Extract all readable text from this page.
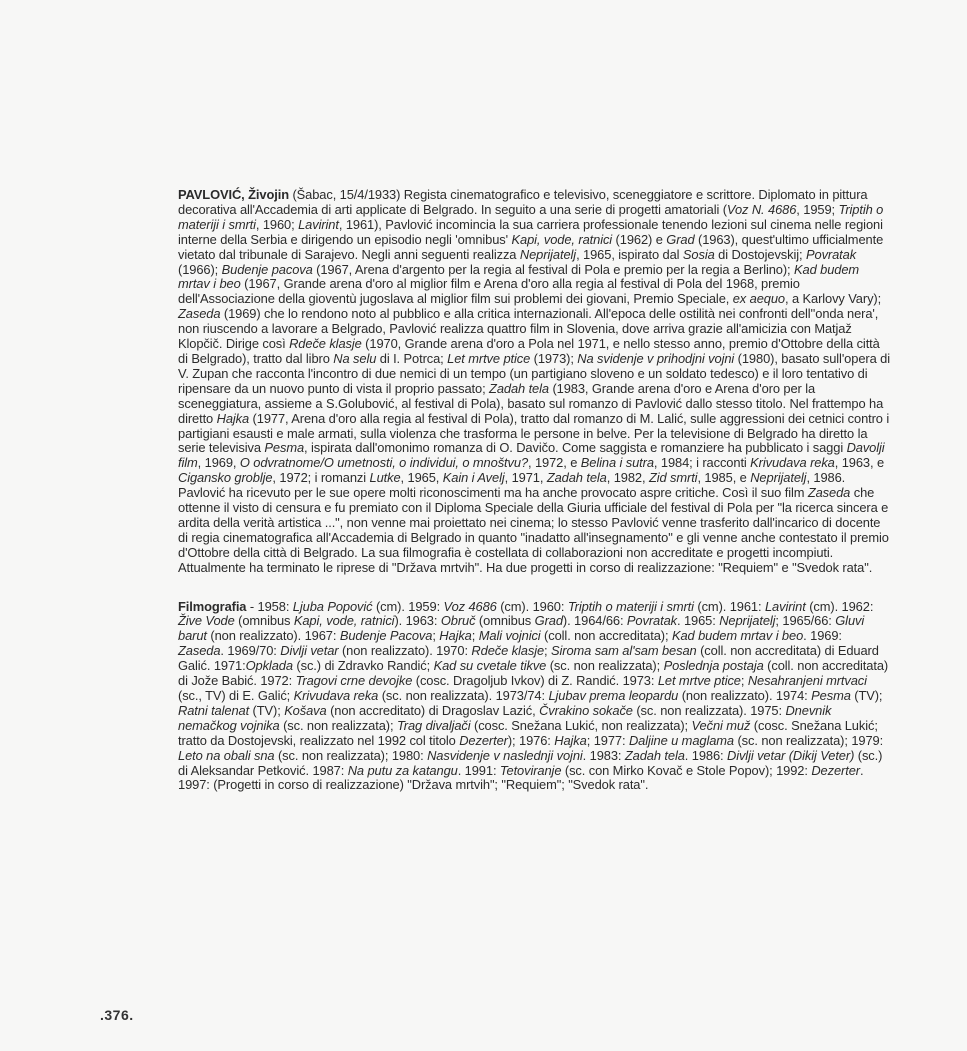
PAVLOVIĆ, Živojin (Šabac, 15/4/1933) Regista cinematografico e televisivo, sceneggiatore e scrittore. Diplomato in pittura decorativa all'Accademia di arti applicate di Belgrado. In seguito a una serie di progetti amatoriali (Voz N. 4686, 1959; Triptih o materiji i smrti, 1960; Lavirint, 1961), Pavlović incomincia la sua carriera professionale tenendo lezioni sul cinema nelle regioni interne della Serbia e dirigendo un episodio negli 'omnibus' Kapi, vode, ratnici (1962) e Grad (1963), quest'ultimo ufficialmente vietato dal tribunale di Sarajevo. Negli anni seguenti realizza Neprijatelj, 1965, ispirato dal Sosia di Dostojevskij; Povratak (1966); Budenje pacova (1967, Arena d'argento per la regia al festival di Pola e premio per la regia a Berlino); Kad budem mrtav i beo (1967, Grande arena d'oro al miglior film e Arena d'oro alla regia al festival di Pola del 1968, premio dell'Associazione della gioventù jugoslava al miglior film sui problemi dei giovani, Premio Speciale, ex aequo, a Karlovy Vary); Zaseda (1969) che lo rendono noto al pubblico e alla critica internazionali. All'epoca delle ostilità nei confronti dell''onda nera', non riuscendo a lavorare a Belgrado, Pavlović realizza quattro film in Slovenia, dove arriva grazie all'amicizia con Matjaž Klopčič. Dirige così Rdeče klasje (1970, Grande arena d'oro a Pola nel 1971, e nello stesso anno, premio d'Ottobre della città di Belgrado), tratto dal libro Na selu di I. Potrca; Let mrtve ptice (1973); Na svidenje v prihodjni vojni (1980), basato sull'opera di V. Zupan che racconta l'incontro di due nemici di un tempo (un partigiano sloveno e un soldato tedesco) e il loro tentativo di ripensare da un nuovo punto di vista il proprio passato; Zadah tela (1983, Grande arena d'oro e Arena d'oro per la sceneggiatura, assieme a S.Golubović, al festival di Pola), basato sul romanzo di Pavlović dallo stesso titolo. Nel frattempo ha diretto Hajka (1977, Arena d'oro alla regia al festival di Pola), tratto dal romanzo di M. Lalić, sulle aggressioni dei cetnici contro i partigiani esausti e male armati, sulla violenza che trasforma le persone in belve. Per la televisione di Belgrado ha diretto la serie televisiva Pesma, ispirata dall'omonimo romanza di O. Davičo. Come saggista e romanziere ha pubblicato i saggi Davolji film, 1969, O odvratnome/O umetnosti, o individui, o mnoštvu?, 1972, e Belina i sutra, 1984; i racconti Krivudava reka, 1963, e Cigansko groblje, 1972; i romanzi Lutke, 1965, Kain i Avelj, 1971, Zadah tela, 1982, Zid smrti, 1985, e Neprijatelj, 1986. Pavlović ha ricevuto per le sue opere molti riconoscimenti ma ha anche provocato aspre critiche. Così il suo film Zaseda che ottenne il visto di censura e fu premiato con il Diploma Speciale della Giuria ufficiale del festival di Pola per "la ricerca sincera e ardita della verità artistica ...", non venne mai proiettato nei cinema; lo stesso Pavlović venne trasferito dall'incarico di docente di regia cinematografica all'Accademia di Belgrado in quanto "inadatto all'insegnamento" e gli venne anche contestato il premio d'Ottobre della città di Belgrado. La sua filmografia è costellata di collaborazioni non accreditate e progetti incompiuti. Attualmente ha terminato le riprese di "Država mrtvih". Ha due progetti in corso di realizzazione: "Requiem" e "Svedok rata".

Filmografia - 1958: Ljuba Popović (cm). 1959: Voz 4686 (cm). 1960: Triptih o materiji i smrti (cm). 1961: Lavirint (cm). 1962: Žive Vode (omnibus Kapi, vode, ratnici). 1963: Obruč (omnibus Grad). 1964/66: Povratak. 1965: Neprijatelj; 1965/66: Gluvi barut (non realizzato). 1967: Budenje Pacova; Hajka; Mali vojnici (coll. non accreditata); Kad budem mrtav i beo. 1969: Zaseda. 1969/70: Divlji vetar (non realizzato). 1970: Rdeče klasje; Siroma sam al'sam besan (coll. non accreditata) di Eduard Galić. 1971:Opklada (sc.) di Zdravko Randić; Kad su cvetale tikve (sc. non realizzata); Poslednja postaja (coll. non accreditata) di Jože Babić. 1972: Tragovi crne devojke (cosc. Dragoljub Ivkov) di Z. Randić. 1973: Let mrtve ptice; Nesahranjeni mrtvaci (sc., TV) di E. Galić; Krivudava reka (sc. non realizzata). 1973/74: Ljubav prema leopardu (non realizzato). 1974: Pesma (TV); Ratni talenat (TV); Košava (non accreditato) di Dragoslav Lazić, Čvrakino sokače (sc. non realizzata). 1975: Dnevnik nemačkog vojnika (sc. non realizzata); Trag divaljači (cosc. Snežana Lukić, non realizzata); Večni muž (cosc. Snežana Lukić; tratto da Dostojevski, realizzato nel 1992 col titolo Dezerter); 1976: Hajka; 1977: Daljine u maglama (sc. non realizzata); 1979: Leto na obali sna (sc. non realizzata); 1980: Nasvidenje v naslednji vojni. 1983: Zadah tela. 1986: Divlji vetar (Dikij Veter) (sc.) di Aleksandar Petković. 1987: Na putu za katangu. 1991: Tetoviranje (sc. con Mirko Kovač e Stole Popov); 1992: Dezerter. 1997: (Progetti in corso di realizzazione) "Država mrtvih"; "Requiem"; "Svedok rata".

.376.
